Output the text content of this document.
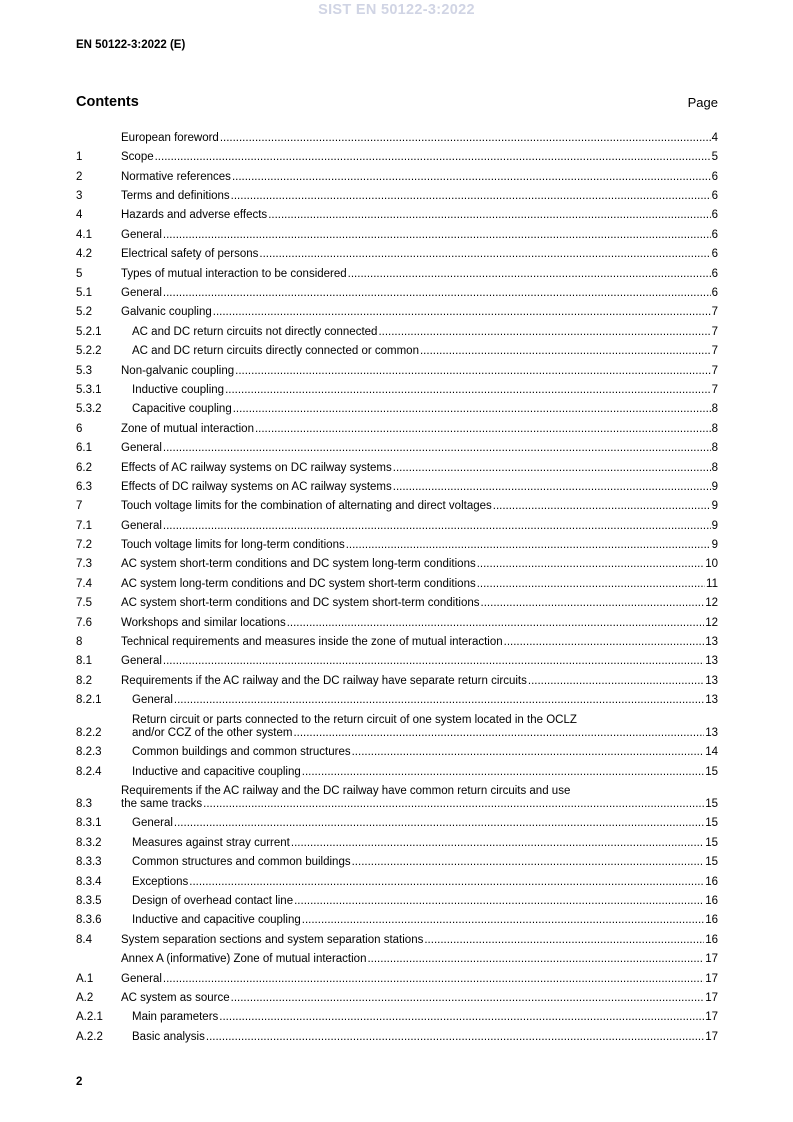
SIST EN 50122-3:2022
EN 50122-3:2022 (E)
Contents	Page
European foreword .....	4
1	Scope .....	5
2	Normative references .....	6
3	Terms and definitions .....	6
4	Hazards and adverse effects .....	6
4.1	General .....	6
4.2	Electrical safety of persons .....	6
5	Types of mutual interaction to be considered .....	6
5.1	General .....	6
5.2	Galvanic coupling .....	7
5.2.1	AC and DC return circuits not directly connected .....	7
5.2.2	AC and DC return circuits directly connected or common .....	7
5.3	Non-galvanic coupling .....	7
5.3.1	Inductive coupling .....	7
5.3.2	Capacitive coupling .....	8
6	Zone of mutual interaction .....	8
6.1	General .....	8
6.2	Effects of AC railway systems on DC railway systems .....	8
6.3	Effects of DC railway systems on AC railway systems .....	9
7	Touch voltage limits for the combination of alternating and direct voltages .....	9
7.1	General .....	9
7.2	Touch voltage limits for long-term conditions .....	9
7.3	AC system short-term conditions and DC system long-term conditions .....	10
7.4	AC system long-term conditions and DC system short-term conditions .....	11
7.5	AC system short-term conditions and DC system short-term conditions .....	12
7.6	Workshops and similar locations .....	12
8	Technical requirements and measures inside the zone of mutual interaction .....	13
8.1	General .....	13
8.2	Requirements if the AC railway and the DC railway have separate return circuits .....	13
8.2.1	General .....	13
8.2.2
Return circuit or parts connected to the return circuit of one system located in the OCLZ
and/or CCZ of the other system .....	13
8.2.3	Common buildings and common structures .....	14
8.2.4	Inductive and capacitive coupling .....	15
8.3
Requirements if the AC railway and the DC railway have common return circuits and use
the same tracks .....	15
8.3.1	General .....	15
8.3.2	Measures against stray current .....	15
8.3.3	Common structures and common buildings .....	15
8.3.4	Exceptions .....	16
8.3.5	Design of overhead contact line .....	16
8.3.6	Inductive and capacitive coupling .....	16
8.4	System separation sections and system separation stations .....	16
Annex A (informative) Zone of mutual interaction .....	17
A.1	General .....	17
A.2	AC system as source .....	17
A.2.1	Main parameters .....	17
A.2.2	Basic analysis .....	17
2
